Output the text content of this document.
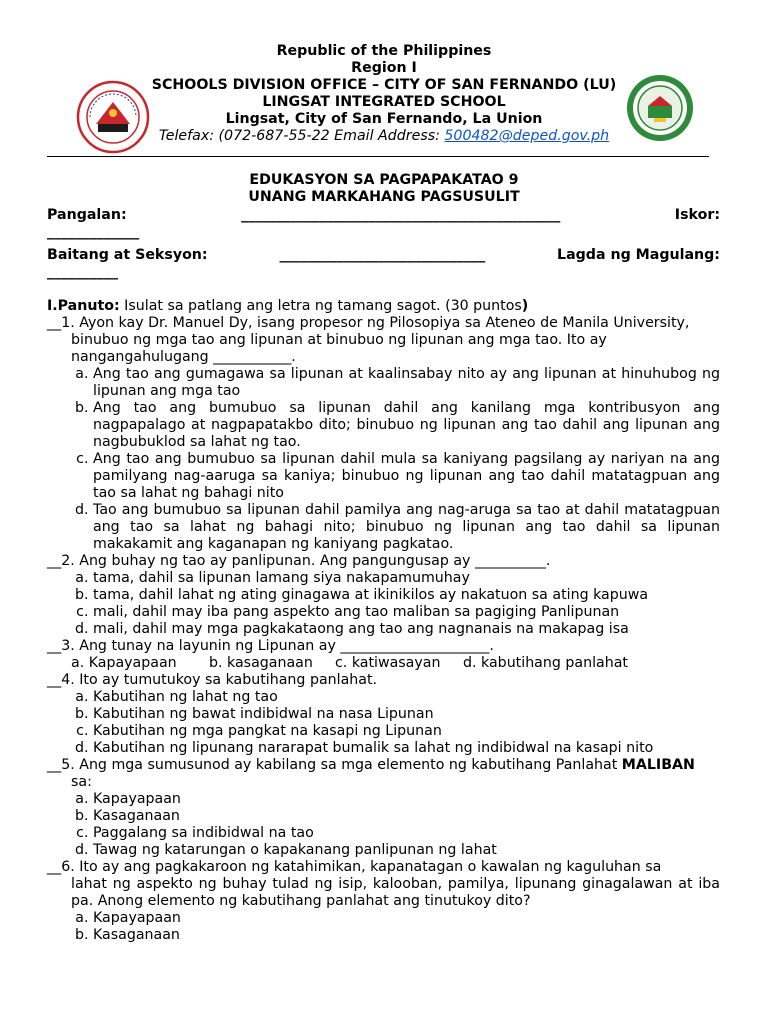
Republic of the Philippines
Region I
SCHOOLS DIVISION OFFICE – CITY OF SAN FERNANDO (LU)
LINGSAT INTEGRATED SCHOOL
Lingsat, City of San Fernando, La Union
Telefax: (072-687-55-22 Email Address: 500482@deped.gov.ph
EDUKASYON SA PAGPAPAKATAO 9
UNANG MARKAHANG PAGSUSULIT
Pangalan:	_____________________________________________	Iskor:
_____________
Baitang at Seksyon:	_____________________________	Lagda ng Magulang:
__________
I.Panuto: Isulat sa patlang ang letra ng tamang sagot. (30 puntos)
__1. Ayon kay Dr. Manuel Dy, isang propesor ng Pilosopiya sa Ateneo de Manila University,
binubuo ng mga tao ang lipunan at binubuo ng lipunan ang mga tao. Ito ay nangangahulugang ___________.
a. Ang tao ang gumagawa sa lipunan at kaalinsabay nito ay ang lipunan at hinuhubog ng lipunan ang mga tao
b. Ang tao ang bumubuo sa lipunan dahil ang kanilang mga kontribusyon ang nagpapalago at nagpapatakbo dito; binubuo ng lipunan ang tao dahil ang lipunan ang nagbubuklod sa lahat ng tao.
c. Ang tao ang bumubuo sa lipunan dahil mula sa kaniyang pagsilang ay nariyan na ang pamilyang nag-aaruga sa kaniya; binubuo ng lipunan ang tao dahil matatagpuan ang tao sa lahat ng bahagi nito
d. Tao ang bumubuo sa lipunan dahil pamilya ang nag-aruga sa tao at dahil matatagpuan ang tao sa lahat ng bahagi nito; binubuo ng lipunan ang tao dahil sa lipunan makakamit ang kaganapan ng kaniyang pagkatao.
__2. Ang buhay ng tao ay panlipunan. Ang pangungusap ay __________.
a. tama, dahil sa lipunan lamang siya nakapamumuhay
b. tama, dahil lahat ng ating ginagawa at ikinikilos ay nakatuon sa ating kapuwa
c. mali, dahil may iba pang aspekto ang tao maliban sa pagiging Panlipunan
d. mali, dahil may mga pagkakataong ang tao ang nagnanais na makapag isa
__3. Ang tunay na layunin ng Lipunan ay _____________________.
a. Kapayapaan b. kasaganaan c. katiwasayan d. kabutihang panlahat
__4. Ito ay tumutukoy sa kabutihang panlahat.
a. Kabutihan ng lahat ng tao
b. Kabutihan ng bawat indibidwal na nasa Lipunan
c. Kabutihan ng mga pangkat na kasapi ng Lipunan
d. Kabutihan ng lipunang nararapat bumalik sa lahat ng indibidwal na kasapi nito
__5. Ang mga sumusunod ay kabilang sa mga elemento ng kabutihang Panlahat MALIBAN
sa:
a. Kapayapaan
b. Kasaganaan
c. Paggalang sa indibidwal na tao
d. Tawag ng katarungan o kapakanang panlipunan ng lahat
__6. Ito ay ang pagkakaroon ng katahimikan, kapanatagan o kawalan ng kaguluhan sa
lahat ng aspekto ng buhay tulad ng isip, kalooban, pamilya, lipunang ginagalawan at iba pa. Anong elemento ng kabutihang panlahat ang tinutukoy dito?
a. Kapayapaan
b. Kasaganaan
